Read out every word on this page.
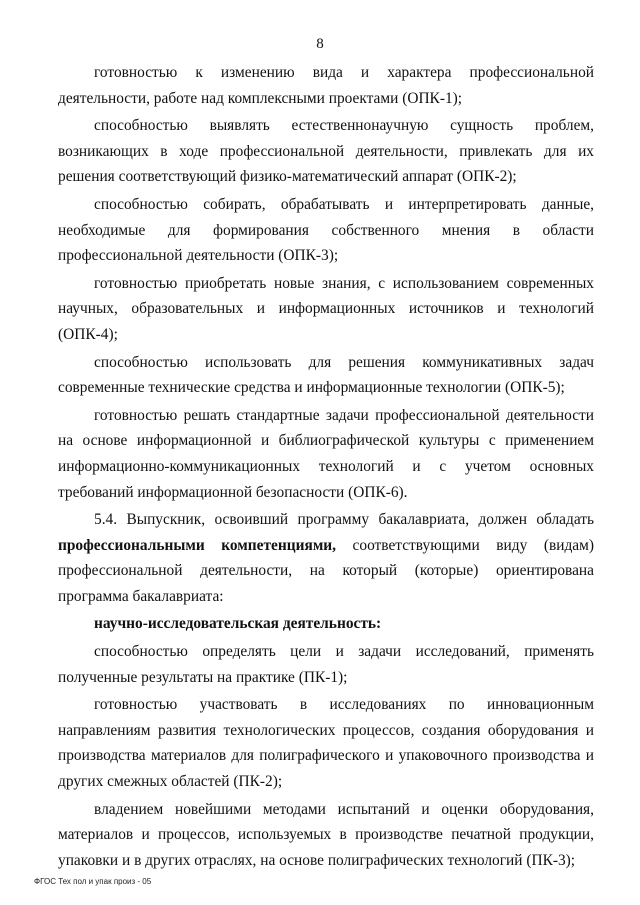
8

готовностью к изменению вида и характера профессиональной деятельности, работе над комплексными проектами (ОПК-1);

способностью выявлять естественнонаучную сущность проблем, возникающих в ходе профессиональной деятельности, привлекать для их решения соответствующий физико-математический аппарат (ОПК-2);

способностью собирать, обрабатывать и интерпретировать данные, необходимые для формирования собственного мнения в области профессиональной деятельности (ОПК-3);

готовностью приобретать новые знания, с использованием современных научных, образовательных и информационных источников и технологий (ОПК-4);

способностью использовать для решения коммуникативных задач современные технические средства и информационные технологии (ОПК-5);

готовностью решать стандартные задачи профессиональной деятельности на основе информационной и библиографической культуры с применением информационно-коммуникационных технологий и с учетом основных требований информационной безопасности (ОПК-6).

5.4. Выпускник, освоивший программу бакалавриата, должен обладать профессиональными компетенциями, соответствующими виду (видам) профессиональной деятельности, на который (которые) ориентирована программа бакалавриата:

научно-исследовательская деятельность:

способностью определять цели и задачи исследований, применять полученные результаты на практике (ПК-1);

готовностью участвовать в исследованиях по инновационным направлениям развития технологических процессов, создания оборудования и производства материалов для полиграфического и упаковочного производства и других смежных областей (ПК-2);

владением новейшими методами испытаний и оценки оборудования, материалов и процессов, используемых в производстве печатной продукции, упаковки и в других отраслях, на основе полиграфических технологий (ПК-3);

ФГОС Тех пол и упак произ - 05
